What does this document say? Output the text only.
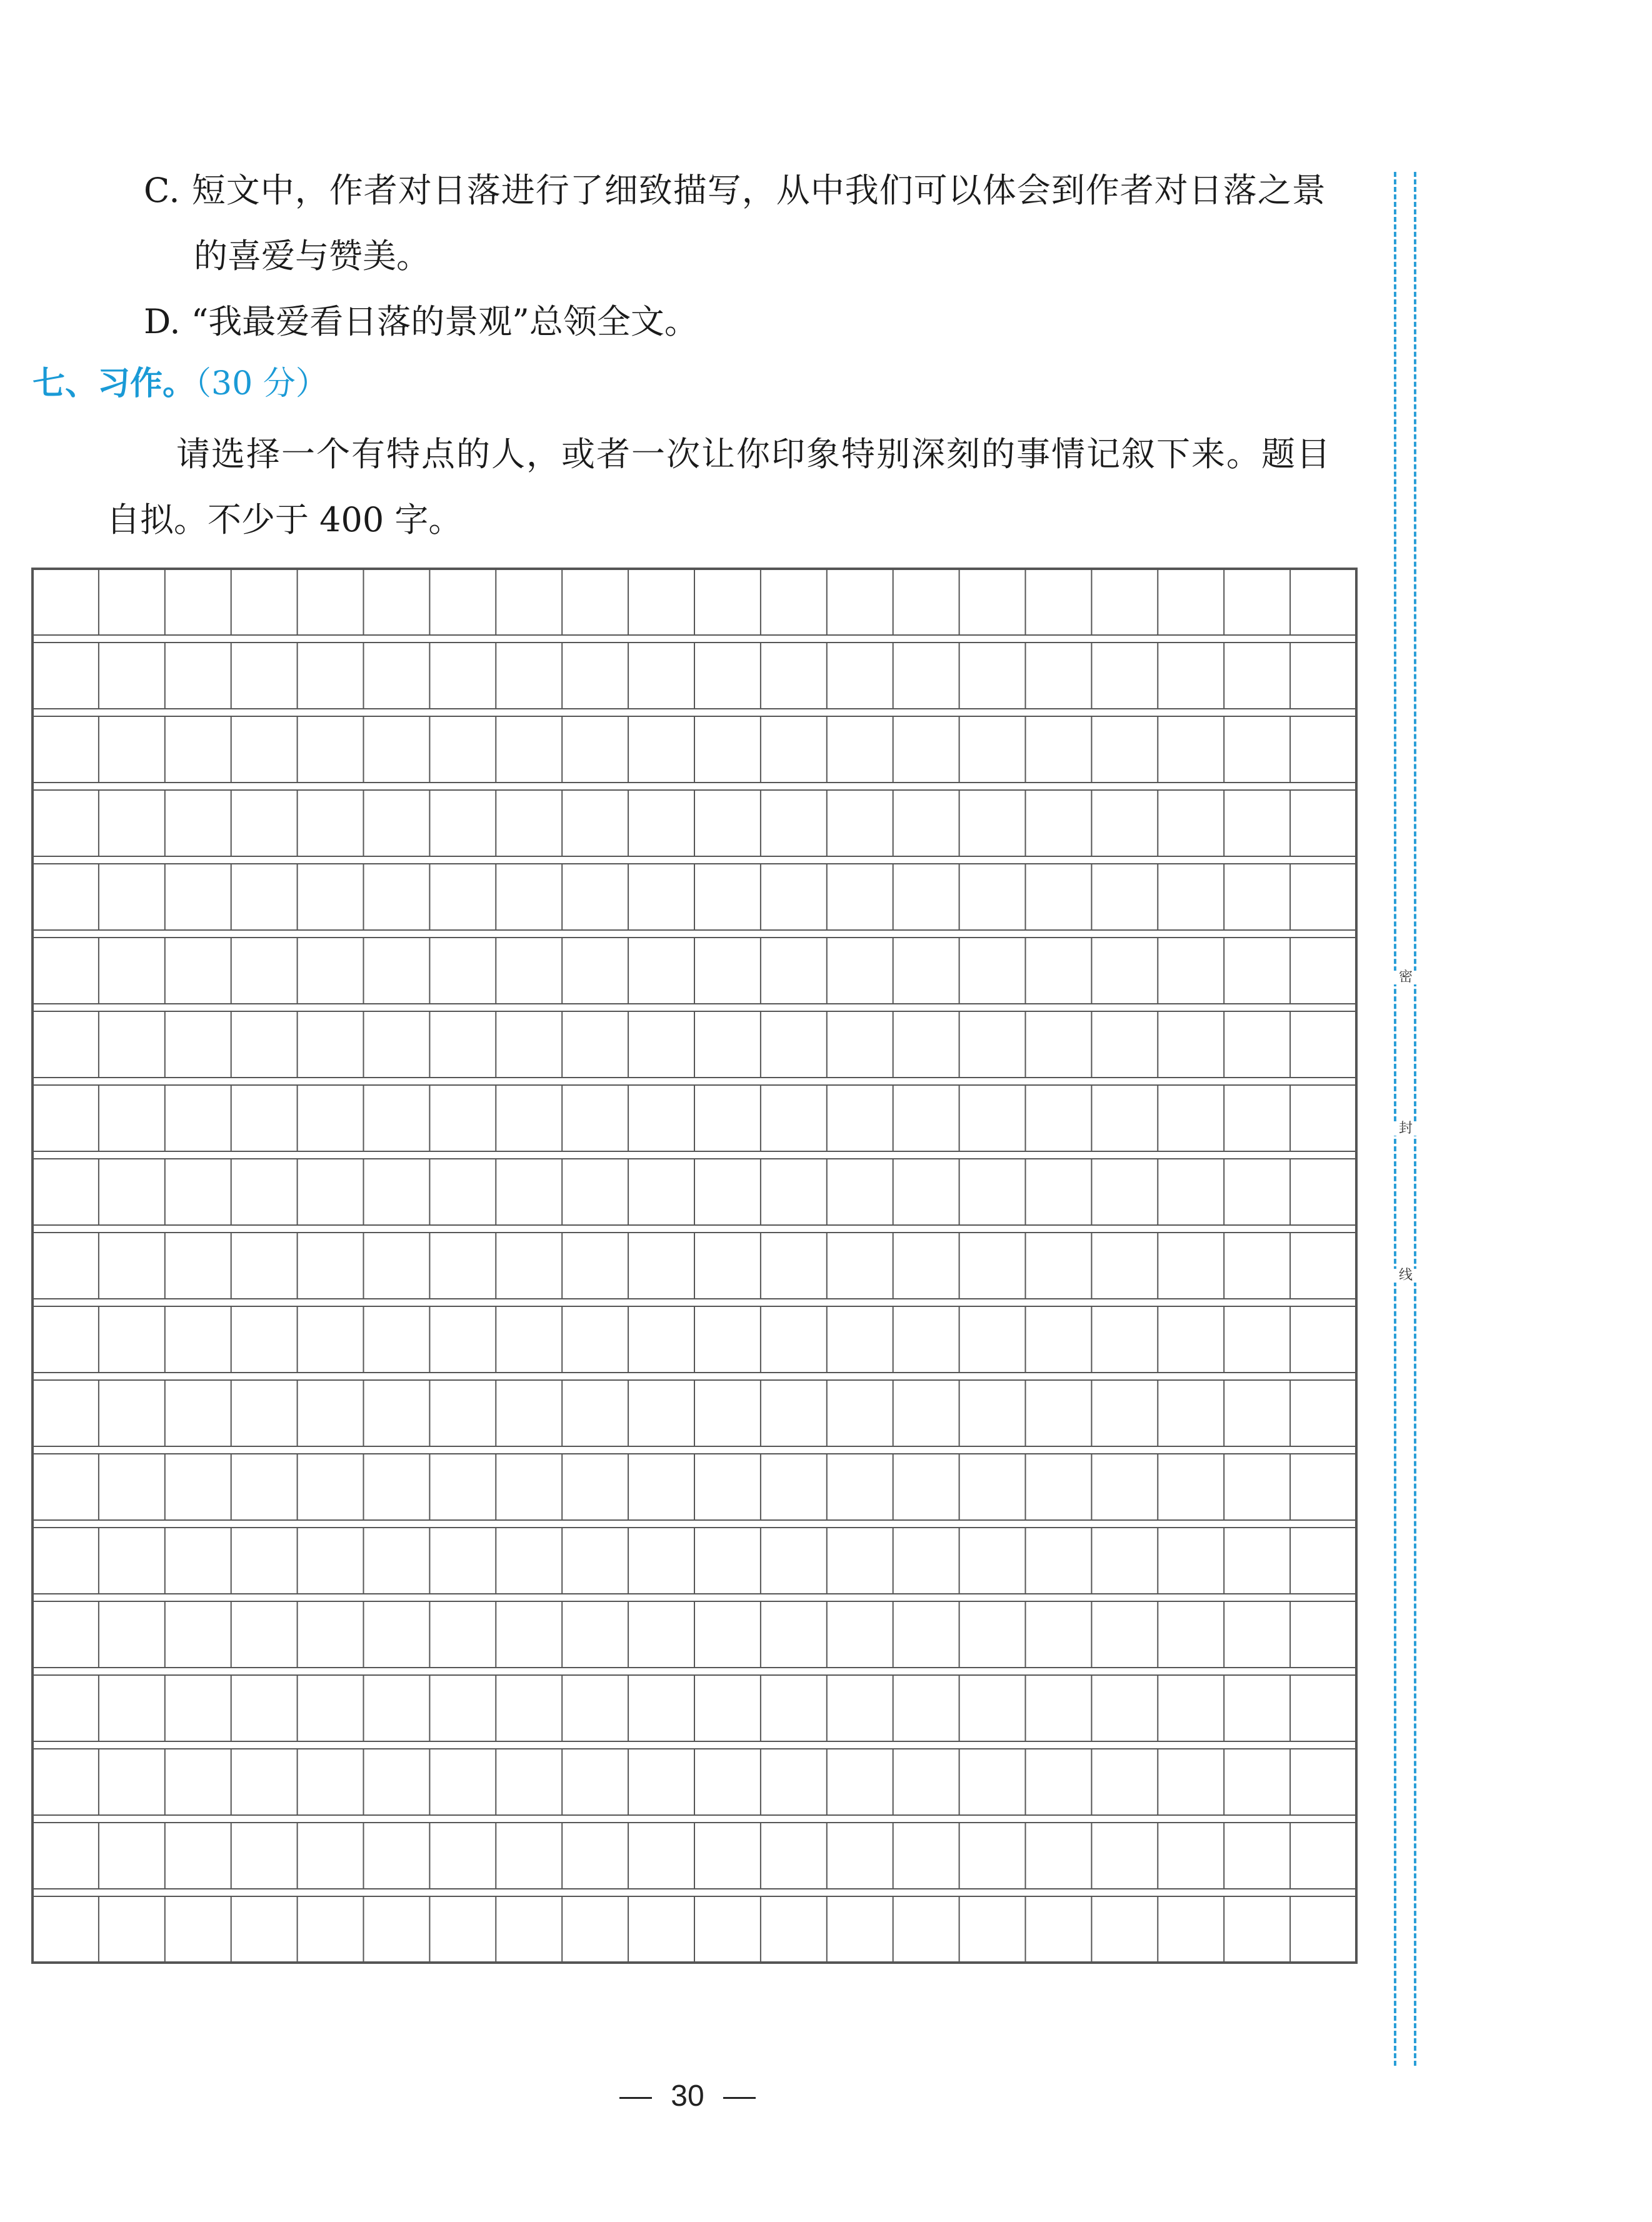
C. 短文中，作者对日落进行了细致描写，从中我们可以体会到作者对日落之景
的喜爱与赞美。
D. “我最爱看日落的景观”总领全文。
七、习作。（30 分）
请选择一个有特点的人，或者一次让你印象特别深刻的事情记叙下来。题目
自拟。不少于 400 字。
密
封
线
30
